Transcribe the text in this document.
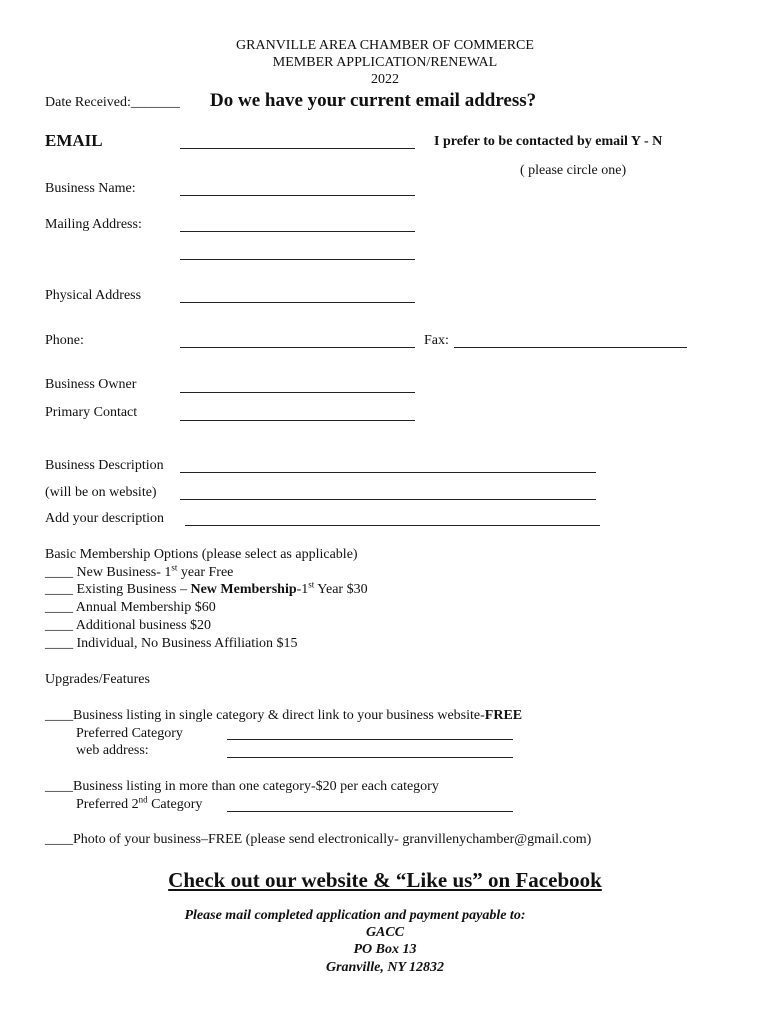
GRANVILLE AREA CHAMBER OF COMMERCE
MEMBER APPLICATION/RENEWAL
2022
Date Received:_______ Do we have your current email address?
EMAIL	I prefer to be contacted by email Y - N
( please circle one)
Business Name:
Mailing Address:
Physical Address
Phone:	Fax:
Business Owner
Primary Contact
Business Description
(will be on website)
Add your description
Basic Membership Options (please select as applicable)
____ New Business- 1st year Free
____ Existing Business – New Membership-1st Year $30
____ Annual Membership $60
____ Additional business $20
____ Individual, No Business Affiliation $15
Upgrades/Features
____Business listing in single category & direct link to your business website-FREE
Preferred Category
web address:
____Business listing in more than one category-$20 per each category
Preferred 2nd Category
____Photo of your business–FREE (please send electronically- granvillenychamber@gmail.com)
Check out our website & “Like us” on Facebook
Please mail completed application and payment payable to:
GACC
PO Box 13
Granville, NY 12832
